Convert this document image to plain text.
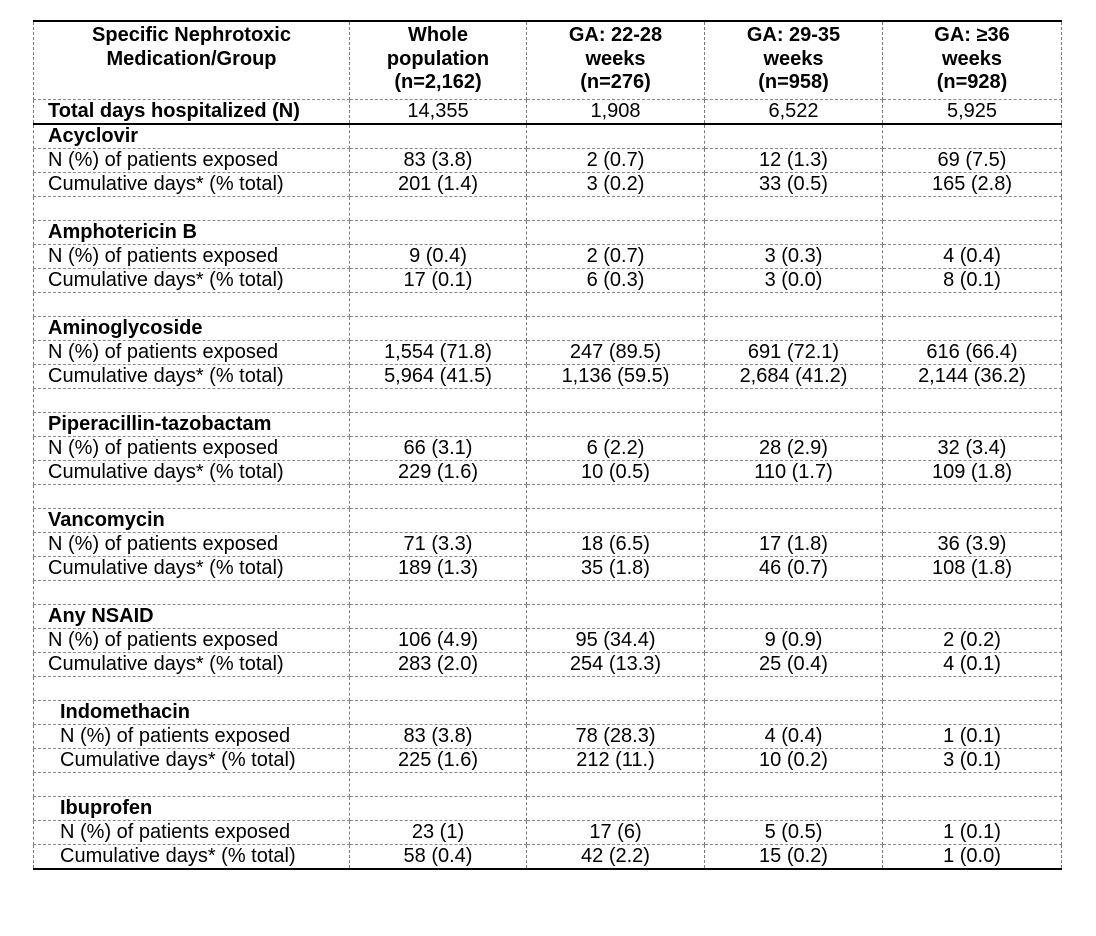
Specific Nephrotoxic Medication/Group	Whole population (n=2,162)	GA: 22-28 weeks (n=276)	GA: 29-35 weeks (n=958)	GA: ≥36 weeks (n=928)
Total days hospitalized (N)	14,355	1,908	6,522	5,925
Acyclovir				
N (%) of patients exposed	83 (3.8)	2 (0.7)	12 (1.3)	69 (7.5)
Cumulative days* (% total)	201 (1.4)	3 (0.2)	33 (0.5)	165 (2.8)

Amphotericin B				
N (%) of patients exposed	9 (0.4)	2 (0.7)	3 (0.3)	4 (0.4)
Cumulative days* (% total)	17 (0.1)	6 (0.3)	3 (0.0)	8 (0.1)

Aminoglycoside				
N (%) of patients exposed	1,554 (71.8)	247 (89.5)	691 (72.1)	616 (66.4)
Cumulative days* (% total)	5,964 (41.5)	1,136 (59.5)	2,684 (41.2)	2,144 (36.2)

Piperacillin-tazobactam				
N (%) of patients exposed	66 (3.1)	6 (2.2)	28 (2.9)	32 (3.4)
Cumulative days* (% total)	229 (1.6)	10 (0.5)	110 (1.7)	109 (1.8)

Vancomycin				
N (%) of patients exposed	71 (3.3)	18 (6.5)	17 (1.8)	36 (3.9)
Cumulative days* (% total)	189 (1.3)	35 (1.8)	46 (0.7)	108 (1.8)

Any NSAID				
N (%) of patients exposed	106 (4.9)	95 (34.4)	9 (0.9)	2 (0.2)
Cumulative days* (% total)	283 (2.0)	254 (13.3)	25 (0.4)	4 (0.1)

Indomethacin				
N (%) of patients exposed	83 (3.8)	78 (28.3)	4 (0.4)	1 (0.1)
Cumulative days* (% total)	225 (1.6)	212 (11.)	10 (0.2)	3 (0.1)

Ibuprofen				
N (%) of patients exposed	23 (1)	17 (6)	5 (0.5)	1 (0.1)
Cumulative days* (% total)	58 (0.4)	42 (2.2)	15 (0.2)	1 (0.0)
